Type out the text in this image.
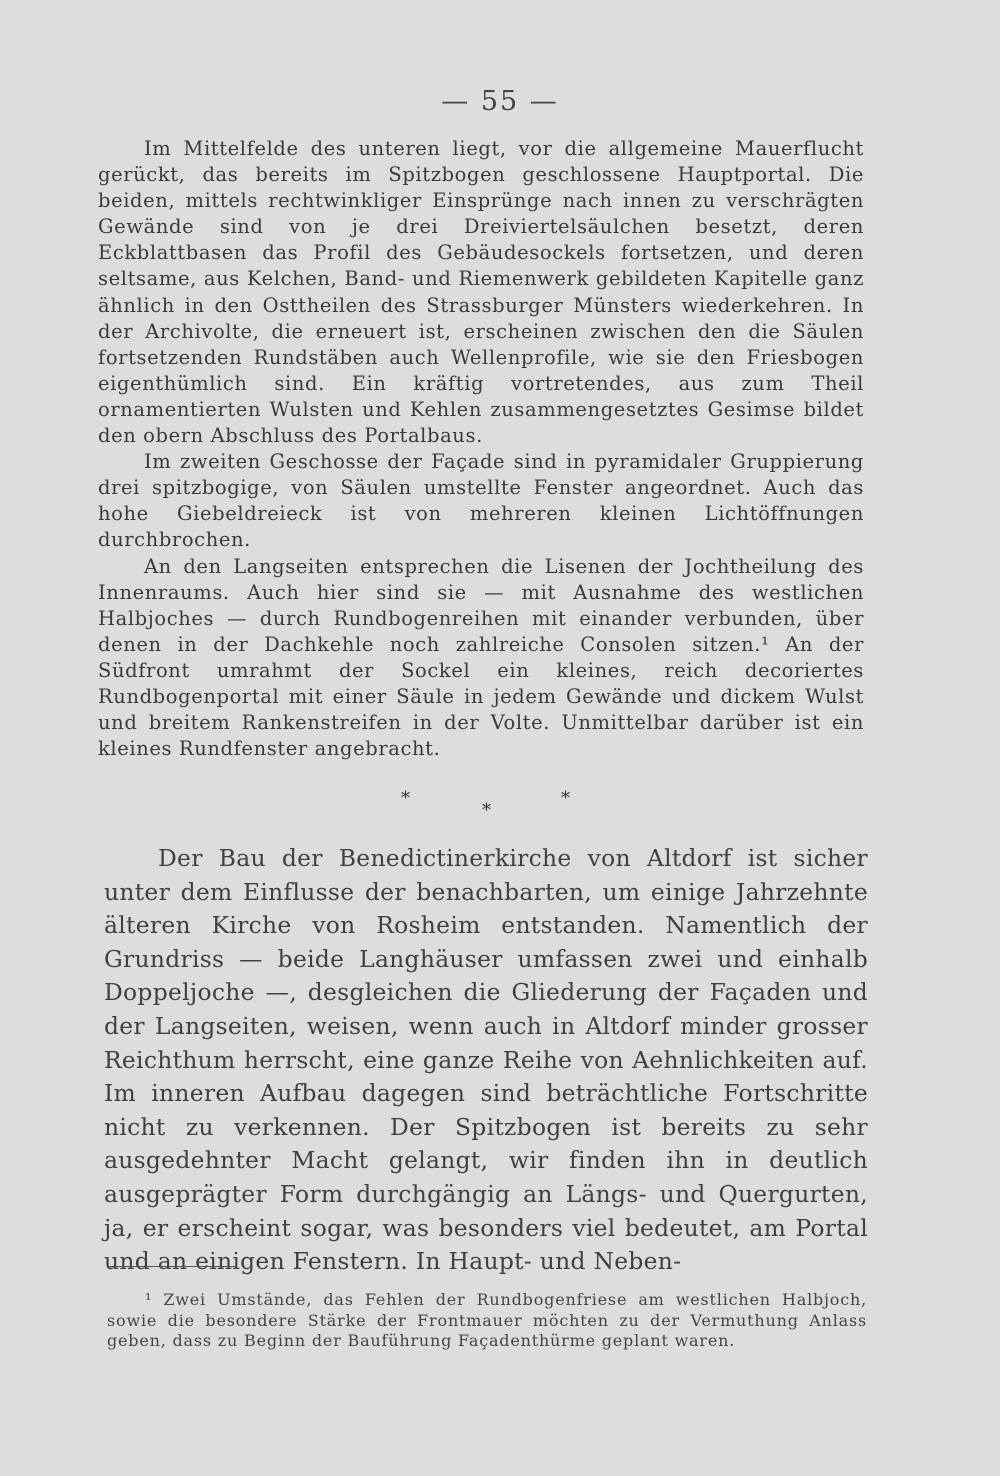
— 55 —

Im Mittelfelde des unteren liegt, vor die allgemeine Mauerflucht gerückt, das bereits im Spitzbogen geschlossene Hauptportal. Die beiden, mittels rechtwinkliger Einsprünge nach innen zu verschrägten Gewände sind von je drei Dreiviertelsäulchen besetzt, deren Eckblattbasen das Profil des Gebäudesockels fortsetzen, und deren seltsame, aus Kelchen, Band- und Riemenwerk gebildeten Kapitelle ganz ähnlich in den Osttheilen des Strassburger Münsters wiederkehren. In der Archivolte, die erneuert ist, erscheinen zwischen den die Säulen fortsetzenden Rundstäben auch Wellenprofile, wie sie den Friesbogen eigenthümlich sind. Ein kräftig vortretendes, aus zum Theil ornamentierten Wulsten und Kehlen zusammengesetztes Gesimse bildet den obern Abschluss des Portalbaus.

Im zweiten Geschosse der Façade sind in pyramidaler Gruppierung drei spitzbogige, von Säulen umstellte Fenster angeordnet. Auch das hohe Giebeldreieck ist von mehreren kleinen Lichtöffnungen durchbrochen.

An den Langseiten entsprechen die Lisenen der Jochtheilung des Innenraums. Auch hier sind sie — mit Ausnahme des westlichen Halbjoches — durch Rundbogenreihen mit einander verbunden, über denen in der Dachkehle noch zahlreiche Consolen sitzen.¹ An der Südfront umrahmt der Sockel ein kleines, reich decoriertes Rundbogenportal mit einer Säule in jedem Gewände und dickem Wulst und breitem Rankenstreifen in der Volte. Unmittelbar darüber ist ein kleines Rundfenster angebracht.

*
*
*

Der Bau der Benedictinerkirche von Altdorf ist sicher unter dem Einflusse der benachbarten, um einige Jahrzehnte älteren Kirche von Rosheim entstanden. Namentlich der Grundriss — beide Langhäuser umfassen zwei und einhalb Doppeljoche —, desgleichen die Gliederung der Façaden und der Langseiten, weisen, wenn auch in Altdorf minder grosser Reichthum herrscht, eine ganze Reihe von Aehnlichkeiten auf. Im inneren Aufbau dagegen sind beträchtliche Fortschritte nicht zu verkennen. Der Spitzbogen ist bereits zu sehr ausgedehnter Macht gelangt, wir finden ihn in deutlich ausgeprägter Form durchgängig an Längs- und Quergurten, ja, er erscheint sogar, was besonders viel bedeutet, am Portal und an einigen Fenstern. In Haupt- und Neben-

¹ Zwei Umstände, das Fehlen der Rundbogenfriese am westlichen Halbjoch, sowie die besondere Stärke der Frontmauer möchten zu der Vermuthung Anlass geben, dass zu Beginn der Bauführung Façadenthürme geplant waren.
